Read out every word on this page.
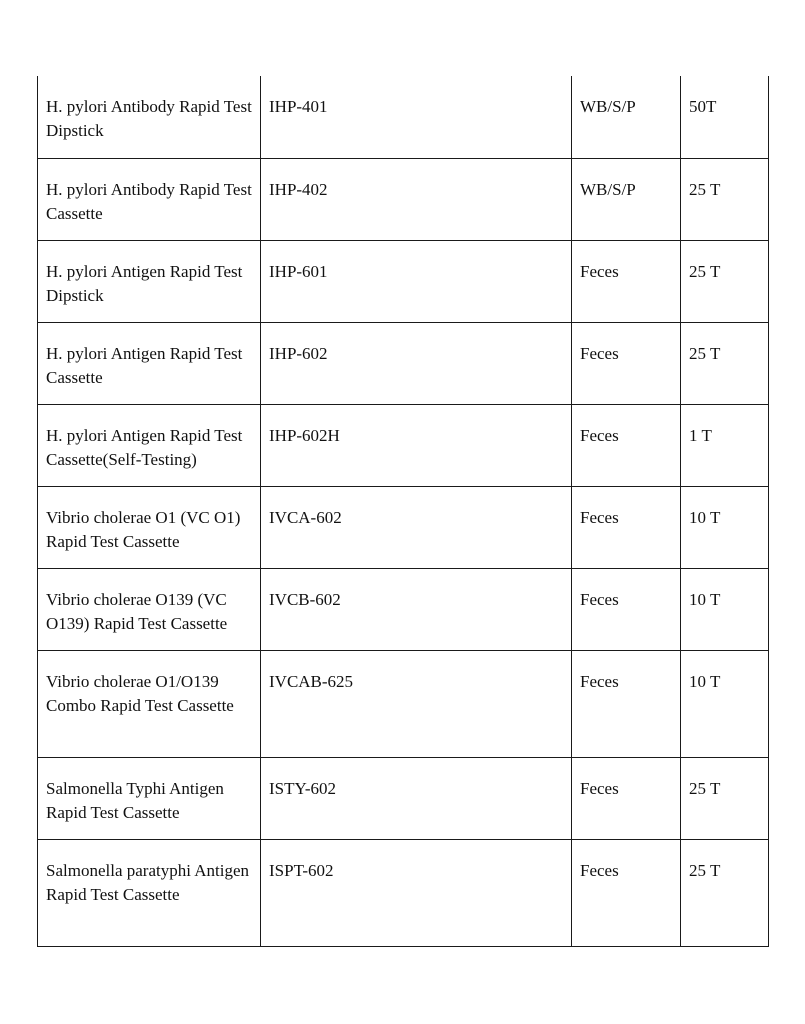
H. pylori Antibody Rapid Test Dipstick	IHP-401	WB/S/P	50T

H. pylori Antibody Rapid Test Cassette	IHP-402	WB/S/P	25 T

H. pylori Antigen Rapid Test Dipstick	IHP-601	Feces	25 T

H. pylori Antigen Rapid Test Cassette	IHP-602	Feces	25 T

H. pylori Antigen Rapid Test Cassette(Self-Testing)	IHP-602H	Feces	1 T

Vibrio cholerae O1 (VC O1) Rapid Test Cassette	IVCA-602	Feces	10 T

Vibrio cholerae O139 (VC O139) Rapid Test Cassette	IVCB-602	Feces	10 T

Vibrio cholerae O1/O139 Combo Rapid Test Cassette	IVCAB-625	Feces	10 T

Salmonella Typhi Antigen Rapid Test Cassette	ISTY-602	Feces	25 T

Salmonella paratyphi Antigen Rapid Test Cassette	ISPT-602	Feces	25 T
